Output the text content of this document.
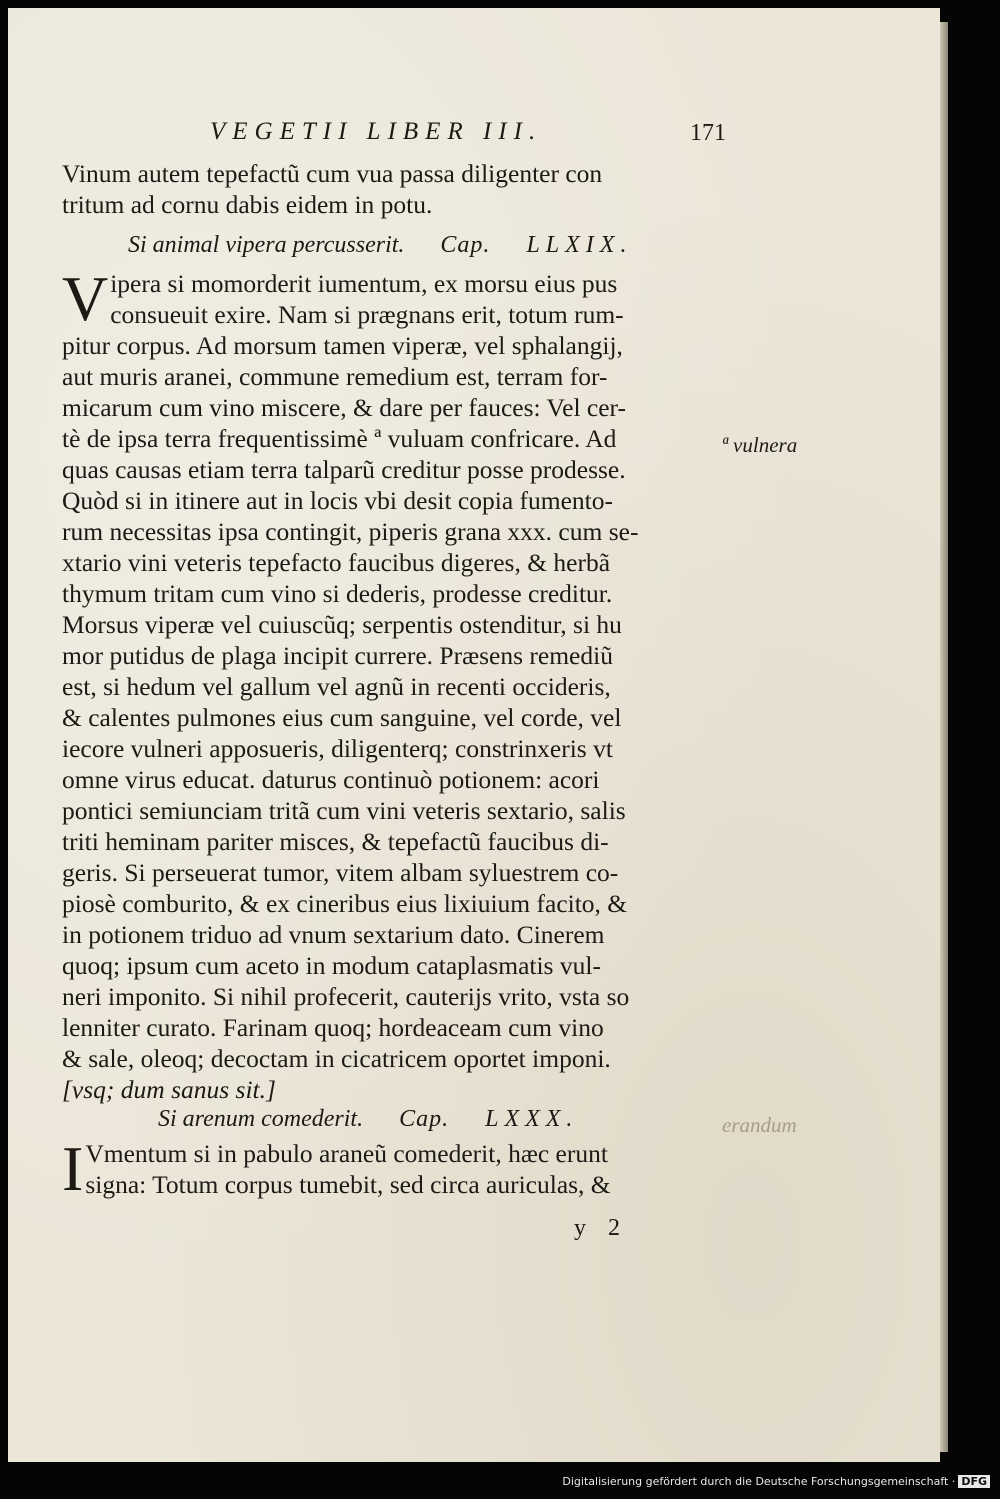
VEGETII LIBER III.	171
Vinum autem tepefactũ cum vua passa diligenter con
tritum ad cornu dabis eidem in potu.
Si animal vipera percusserit. Cap. LLXIX.
V ipera si momorderit iumentum, ex morsu eius pus
consueuit exire. Nam si prægnans erit, totum rum-
pitur corpus. Ad morsum tamen viperæ, vel sphalangij,
aut muris aranei, commune remedium est, terram for-
micarum cum vino miscere, & dare per fauces: Vel cer-
tè de ipsa terra frequentissimè ª vuluam confricare. Ad
quas causas etiam terra talparũ creditur posse prodesse.
Quòd si in itinere aut in locis vbi desit copia fumento-
rum necessitas ipsa contingit, piperis grana xxx. cum se-
xtario vini veteris tepefacto faucibus digeres, & herbã
thymum tritam cum vino si dederis, prodesse creditur.
Morsus viperæ vel cuiuscũq; serpentis ostenditur, si hu
mor putidus de plaga incipit currere. Præsens remediũ
est, si hedum vel gallum vel agnũ in recenti occideris,
& calentes pulmones eius cum sanguine, vel corde, vel
iecore vulneri apposueris, diligenterq; constrinxeris vt
omne virus educat. daturus continuò potionem: acori
pontici semiunciam tritã cum vini veteris sextario, salis
triti heminam pariter misces, & tepefactũ faucibus di-
geris. Si perseuerat tumor, vitem albam syluestrem co-
piosè comburito, & ex cineribus eius lixiuium facito, &
in potionem triduo ad vnum sextarium dato. Cinerem
quoq; ipsum cum aceto in modum cataplasmatis vul-
neri imponito. Si nihil profecerit, cauterijs vrito, vsta so
lenniter curato. Farinam quoq; hordeaceam cum vino
& sale, oleoq; decoctam in cicatricem oportet imponi.
[vsq; dum sanus sit.]
ª vulnera
erandum
Si arenum comederit. Cap. LXXX.
I Vmentum si in pabulo araneũ comederit, hæc erunt
signa: Totum corpus tumebit, sed circa auriculas, &
y 2
Digitalisierung gefördert durch die Deutsche Forschungsgemeinschaft · DFG
